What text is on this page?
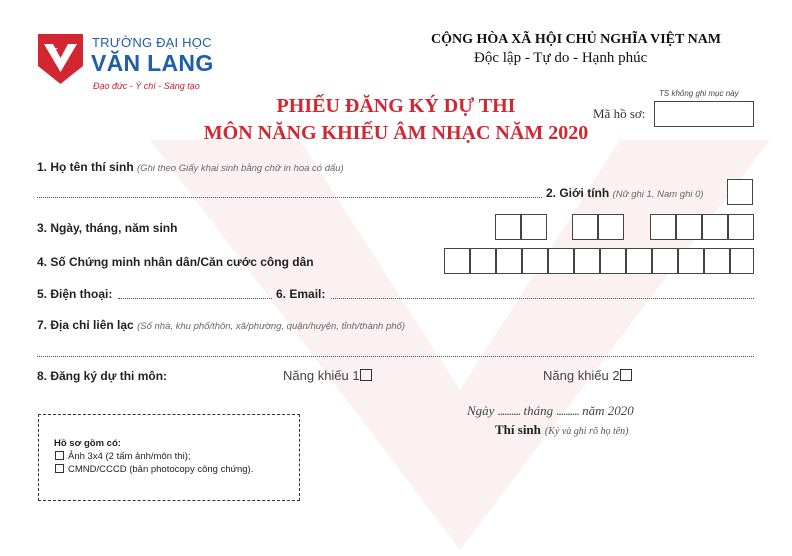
TRƯỜNG ĐẠI HỌC
VĂN LANG
Đạo đức - Ý chí - Sáng tạo
CỘNG HÒA XÃ HỘI CHỦ NGHĨA VIỆT NAM
Độc lập - Tự do - Hạnh phúc
PHIẾU ĐĂNG KÝ DỰ THI
MÔN NĂNG KHIẾU ÂM NHẠC NĂM 2020
TS không ghi mục này
Mã hồ sơ:
1. Họ tên thí sinh (Ghi theo Giấy khai sinh bằng chữ in hoa có dấu)
2. Giới tính (Nữ ghi 1, Nam ghi 0)
3. Ngày, tháng, năm sinh
4. Số Chứng minh nhân dân/Căn cước công dân
5. Điện thoại:	6. Email:
7. Địa chỉ liên lạc (Số nhà, khu phố/thôn, xã/phường, quận/huyện, tỉnh/thành phố)
8. Đăng ký dự thi môn:	Năng khiếu 1	Năng khiếu 2
Ngày .......... tháng .......... năm 2020
Thí sinh (Ký và ghi rõ họ tên)
Hồ sơ gồm có:
Ảnh 3x4 (2 tấm ảnh/môn thi);
CMND/CCCD (bản photocopy công chứng).
